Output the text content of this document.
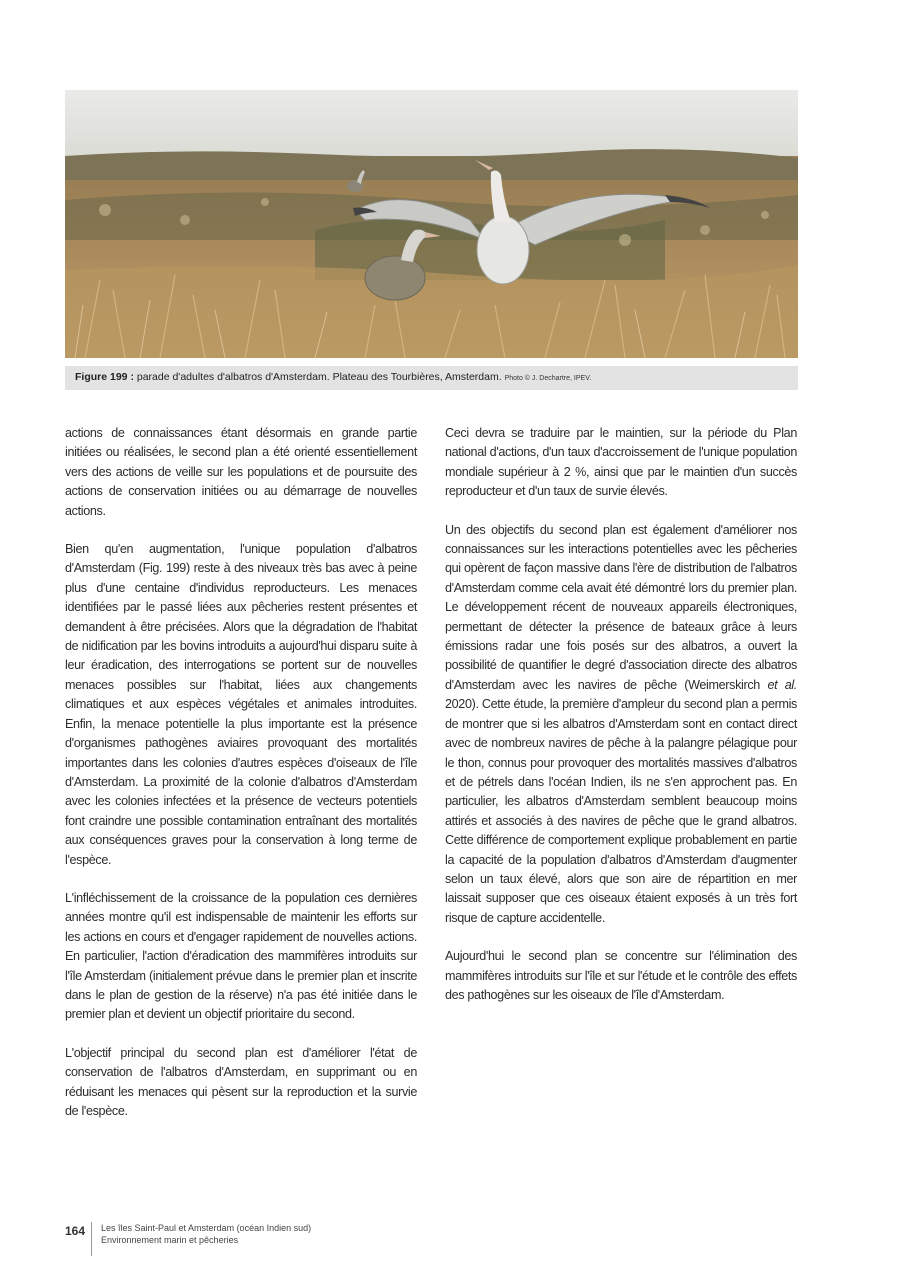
Figure 199 : parade d'adultes d'albatros d'Amsterdam. Plateau des Tourbières, Amsterdam. Photo © J. Dechartre, IPEV.

actions de connaissances étant désormais en grande partie initiées ou réalisées, le second plan a été orienté essentiellement vers des actions de veille sur les populations et de poursuite des actions de conservation initiées ou au démarrage de nouvelles actions.

Bien qu'en augmentation, l'unique population d'albatros d'Amsterdam (Fig. 199) reste à des niveaux très bas avec à peine plus d'une centaine d'individus reproducteurs. Les menaces identifiées par le passé liées aux pêcheries restent présentes et demandent à être précisées. Alors que la dégradation de l'habitat de nidification par les bovins introduits a aujourd'hui disparu suite à leur éradication, des interrogations se portent sur de nouvelles menaces possibles sur l'habitat, liées aux changements climatiques et aux espèces végétales et animales introduites. Enfin, la menace potentielle la plus importante est la présence d'organismes pathogènes aviaires provoquant des mortalités importantes dans les colonies d'autres espèces d'oiseaux de l'île d'Amsterdam. La proximité de la colonie d'albatros d'Amsterdam avec les colonies infectées et la présence de vecteurs potentiels font craindre une possible contamination entraînant des mortalités aux conséquences graves pour la conservation à long terme de l'espèce.

L'infléchissement de la croissance de la population ces dernières années montre qu'il est indispensable de maintenir les efforts sur les actions en cours et d'engager rapidement de nouvelles actions. En particulier, l'action d'éradication des mammifères introduits sur l'île Amsterdam (initialement prévue dans le premier plan et inscrite dans le plan de gestion de la réserve) n'a pas été initiée dans le premier plan et devient un objectif prioritaire du second.

L'objectif principal du second plan est d'améliorer l'état de conservation de l'albatros d'Amsterdam, en supprimant ou en réduisant les menaces qui pèsent sur la reproduction et la survie de l'espèce.

Ceci devra se traduire par le maintien, sur la période du Plan national d'actions, d'un taux d'accroissement de l'unique population mondiale supérieur à 2 %, ainsi que par le maintien d'un succès reproducteur et d'un taux de survie élevés.

Un des objectifs du second plan est également d'améliorer nos connaissances sur les interactions potentielles avec les pêcheries qui opèrent de façon massive dans l'ère de distribution de l'albatros d'Amsterdam comme cela avait été démontré lors du premier plan. Le développement récent de nouveaux appareils électroniques, permettant de détecter la présence de bateaux grâce à leurs émissions radar une fois posés sur des albatros, a ouvert la possibilité de quantifier le degré d'association directe des albatros d'Amsterdam avec les navires de pêche (Weimerskirch et al. 2020). Cette étude, la première d'ampleur du second plan a permis de montrer que si les albatros d'Amsterdam sont en contact direct avec de nombreux navires de pêche à la palangre pélagique pour le thon, connus pour provoquer des mortalités massives d'albatros et de pétrels dans l'océan Indien, ils ne s'en approchent pas. En particulier, les albatros d'Amsterdam semblent beaucoup moins attirés et associés à des navires de pêche que le grand albatros. Cette différence de comportement explique probablement en partie la capacité de la population d'albatros d'Amsterdam d'augmenter selon un taux élevé, alors que son aire de répartition en mer laissait supposer que ces oiseaux étaient exposés à un très fort risque de capture accidentelle.

Aujourd'hui le second plan se concentre sur l'élimination des mammifères introduits sur l'île et sur l'étude et le contrôle des effets des pathogènes sur les oiseaux de l'île d'Amsterdam.

164 Les îles Saint-Paul et Amsterdam (océan Indien sud)
Environnement marin et pêcheries
